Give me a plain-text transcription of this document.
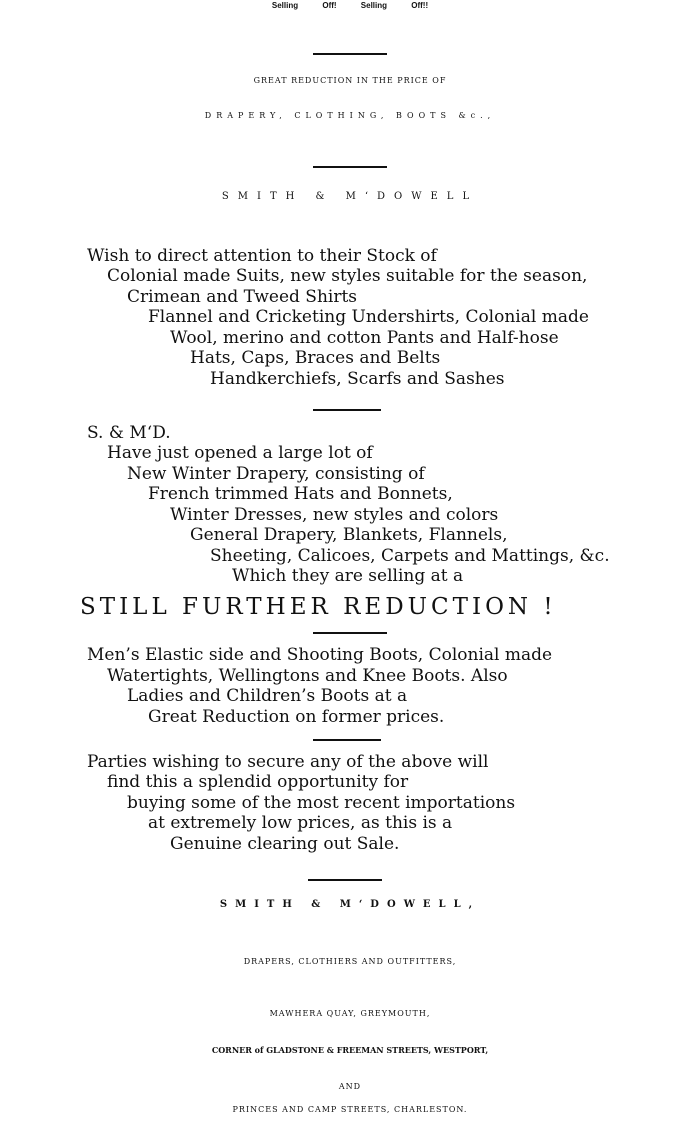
Selling Off! Selling Off!!
GREAT REDUCTION IN THE PRICE OF
DRAPERY, CLOTHING, BOOTS &c.,
SMITH & M‘DOWELL
Wish to direct attention to their Stock of
Colonial made Suits, new styles suitable for the season,
Crimean and Tweed Shirts
Flannel and Cricketing Undershirts, Colonial made
Wool, merino and cotton Pants and Half-hose
Hats, Caps, Braces and Belts
Handkerchiefs, Scarfs and Sashes
S. & M‘D.
Have just opened a large lot of
New Winter Drapery, consisting of
French trimmed Hats and Bonnets,
Winter Dresses, new styles and colors
General Drapery, Blankets, Flannels,
Sheeting, Calicoes, Carpets and Mattings, &c.
Which they are selling at a
STILL FURTHER REDUCTION !
Men’s Elastic side and Shooting Boots, Colonial made
Watertights, Wellingtons and Knee Boots. Also
Ladies and Children’s Boots at a
Great Reduction on former prices.
Parties wishing to secure any of the above will
find this a splendid opportunity for
buying some of the most recent importations
at extremely low prices, as this is a
Genuine clearing out Sale.
SMITH & M‘DOWELL,
DRAPERS, CLOTHIERS AND OUTFITTERS,
MAWHERA QUAY, GREYMOUTH,
CORNER of GLADSTONE & FREEMAN STREETS, WESTPORT,
AND
PRINCES AND CAMP STREETS, CHARLESTON.
